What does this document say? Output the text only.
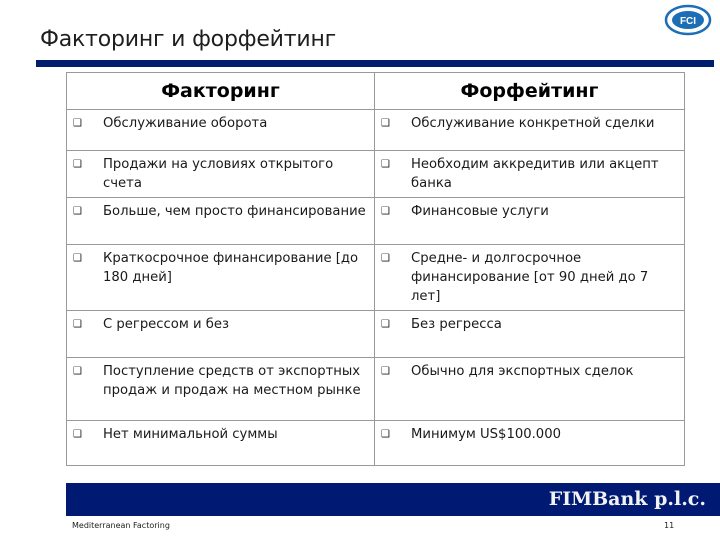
Факторинг и форфейтинг
FCI
Факторинг	Форфейтинг

❑ Обслуживание оборота	❑ Обслуживание конкретной сделки

❑ Продажи на условиях открытого счета	❑ Необходим аккредитив или акцепт банка

❑ Больше, чем просто финансирование	❑ Финансовые услуги

❑ Краткосрочное финансирование [до 180 дней]	❑ Средне- и долгосрочное финансирование [от 90 дней до 7 лет]

❑ С регрессом и без	❑ Без регресса

❑ Поступление средств от экспортных продаж и продаж на местном рынке	❑ Обычно для экспортных сделок

❑ Нет минимальной суммы	❑ Минимум US$100.000
FIMBank p.l.c.
Mediterranean Factoring	11
